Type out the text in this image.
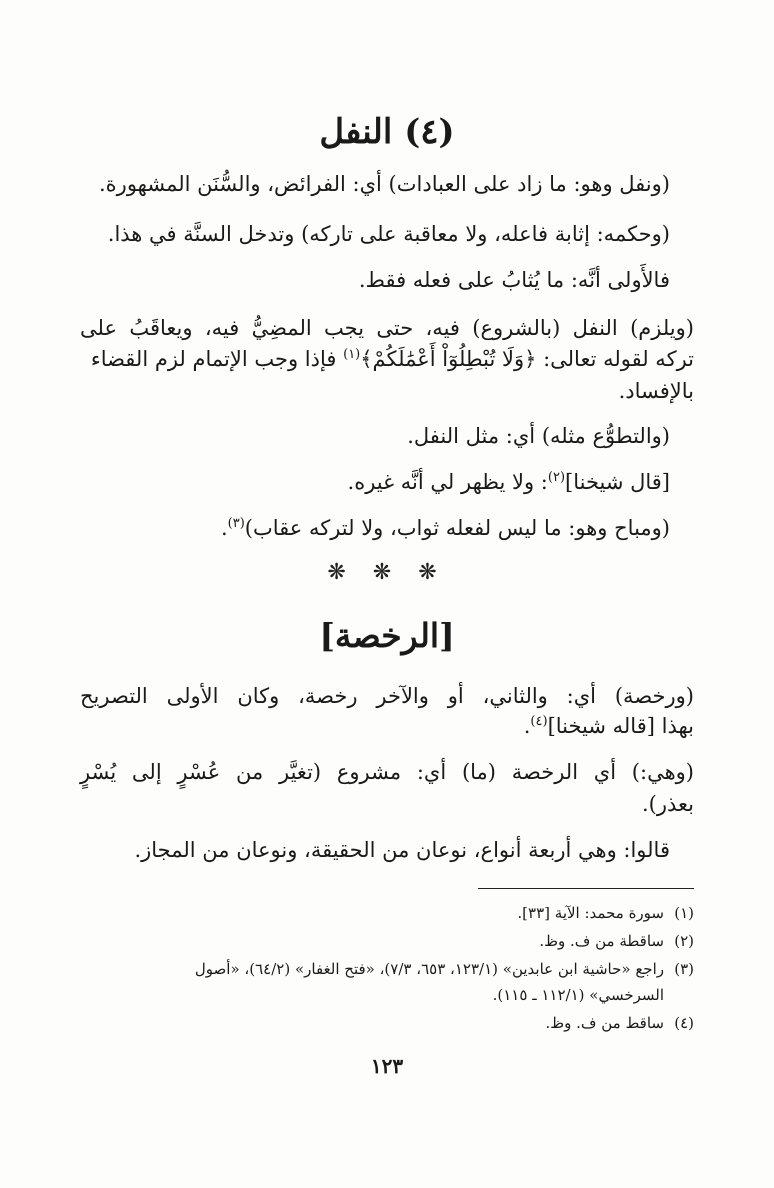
(٤) النفل
(ونفل وهو: ما زاد على العبادات) أي: الفرائض، والسُّنَن المشهورة.
(وحكمه: إثابة فاعله، ولا معاقبة على تاركه) وتدخل السنَّة في هذا.
فالأَولى أنَّه: ما يُثابُ على فعله فقط.
(ويلزم) النفل (بالشروع) فيه، حتى يجب المضِيُّ فيه، ويعاقَبُ على
تركه لقوله تعالى: ﴿وَلَا تُبْطِلُوٓاْ أَعْمَٰلَكُمْ﴾$^{(١)}$ فإذا وجب الإتمام لزم القضاء
بالإفساد.
(والتطوُّع مثله) أي: مثل النفل.
[قال شيخنا]$^{(٢)}$: ولا يظهر لي أنَّه غيره.
(ومباح وهو: ما ليس لفعله ثواب، ولا لتركه عقاب)$^{(٣)}$.
❋ ❋ ❋
[الرخصة]
(ورخصة) أي: والثاني، أو والآخر رخصة، وكان الأولى التصريح
بهذا [قاله شيخنا]$^{(٤)}$.
(وهي:) أي الرخصة (ما) أي: مشروع (تغيَّر من عُسْرٍ إلى يُسْرٍ
بعذر).
قالوا: وهي أربعة أنواع، نوعان من الحقيقة، ونوعان من المجاز.
(١)سورة محمد: الآية [٣٣].
(٢)ساقطة من ف. وظ.
(٣)راجع «حاشية ابن عابدين» (١٢٣/١، ٦٥٣، ٧/٣)، «فتح الغفار» (٦٤/٢)، «أصول
السرخسي» (١١٢/١ ـ ١١٥).
(٤)ساقط من ف. وظ.
١٢٣
